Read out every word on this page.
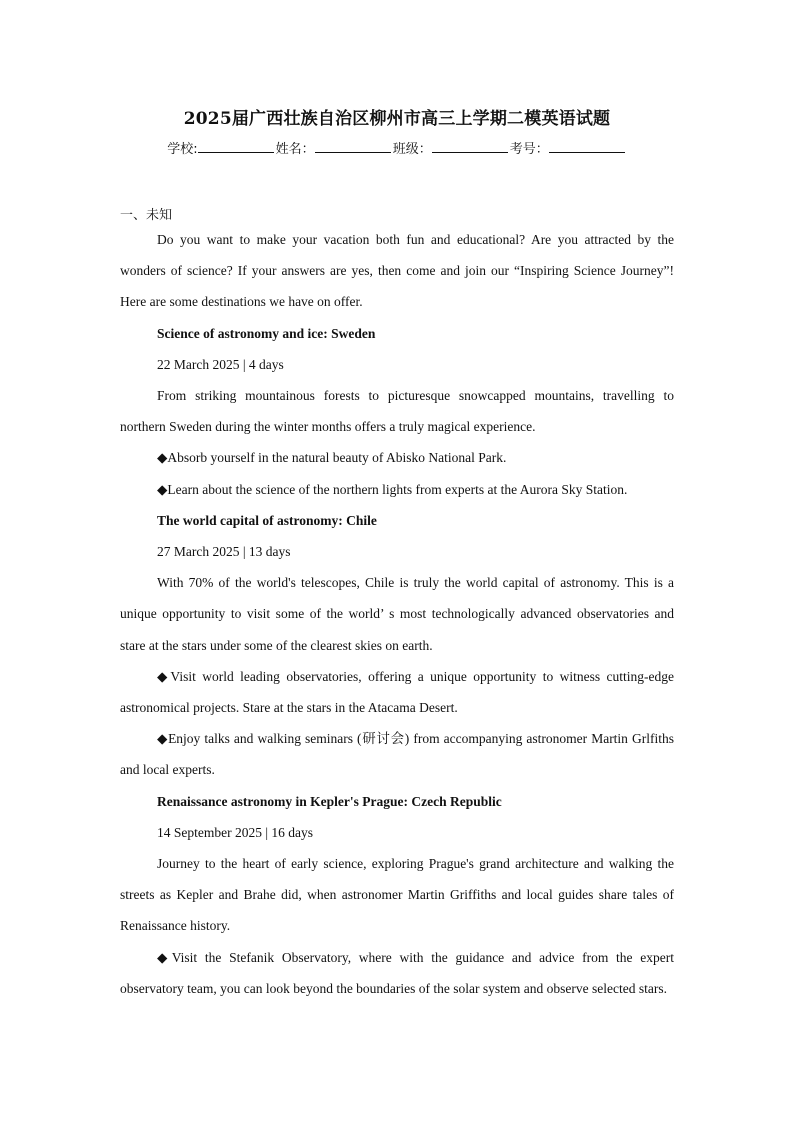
2025届广西壮族自治区柳州市高三上学期二模英语试题
学校:	姓名：	班级：	考号：
一、未知

Do you want to make your vacation both fun and educational? Are you attracted by the wonders of science? If your answers are yes, then come and join our “Inspiring Science Journey”! Here are some destinations we have on offer.

Science of astronomy and ice: Sweden

22 March 2025 | 4 days

From striking mountainous forests to picturesque snowcapped mountains, travelling to northern Sweden during the winter months offers a truly magical experience.

◆Absorb yourself in the natural beauty of Abisko National Park.

◆Learn about the science of the northern lights from experts at the Aurora Sky Station.

The world capital of astronomy: Chile

27 March 2025 | 13 days

With 70% of the world's telescopes, Chile is truly the world capital of astronomy. This is a unique opportunity to visit some of the world’ s most technologically advanced observatories and stare at the stars under some of the clearest skies on earth.

◆Visit world leading observatories, offering a unique opportunity to witness cutting-edge astronomical projects. Stare at the stars in the Atacama Desert.

◆Enjoy talks and walking seminars (研讨会) from accompanying astronomer Martin Grlfiths and local experts.

Renaissance astronomy in Kepler's Prague: Czech Republic

14 September 2025 | 16 days

Journey to the heart of early science, exploring Prague's grand architecture and walking the streets as Kepler and Brahe did, when astronomer Martin Griffiths and local guides share tales of Renaissance history.

◆Visit the Stefanik Observatory, where with the guidance and advice from the expert observatory team, you can look beyond the boundaries of the solar system and observe selected stars.
